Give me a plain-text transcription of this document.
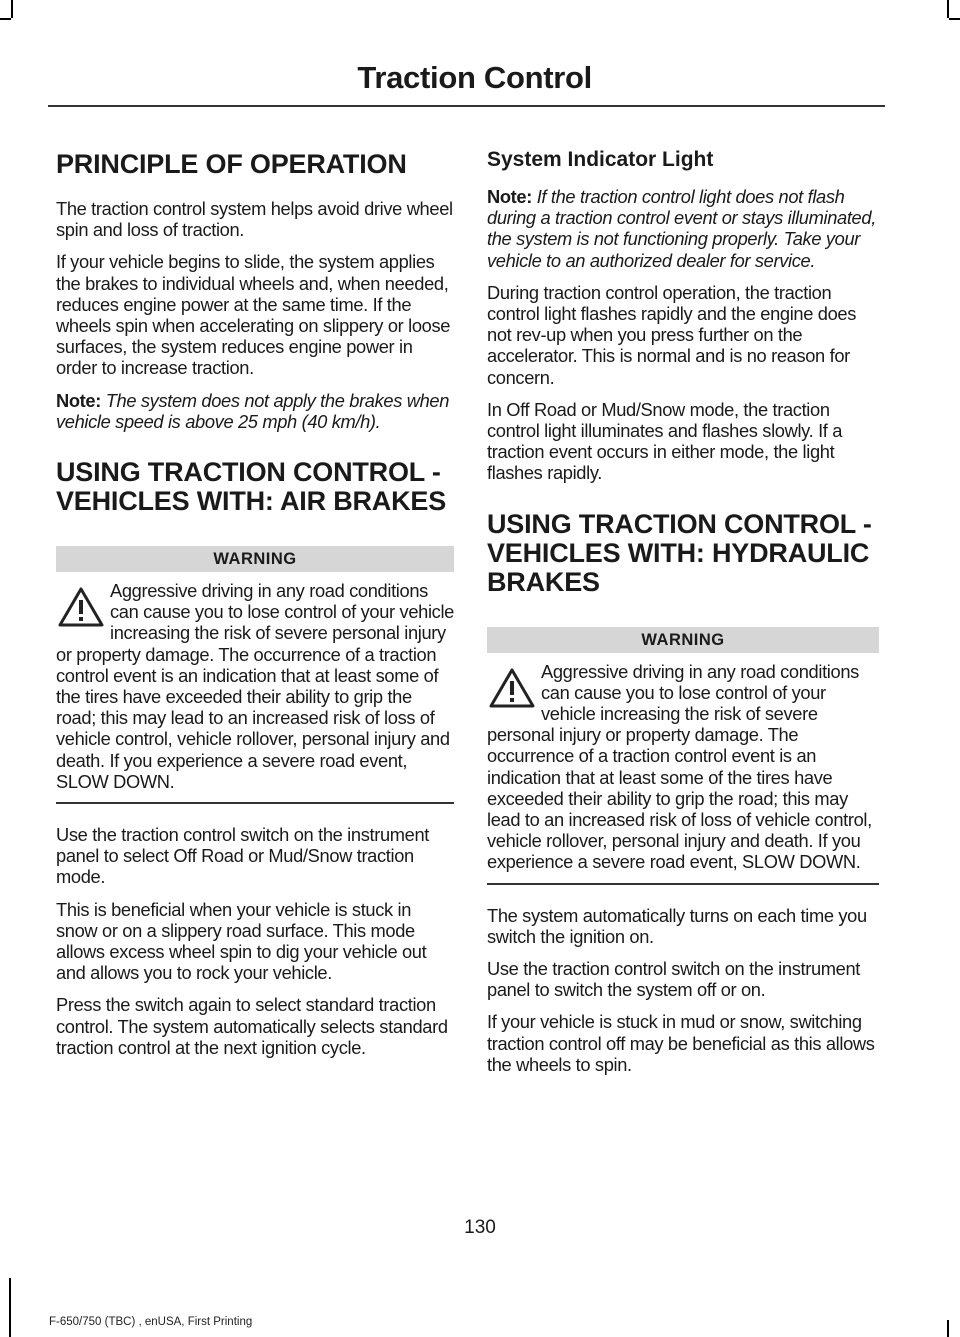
Traction Control
PRINCIPLE OF OPERATION

The traction control system helps avoid drive wheel spin and loss of traction.

If your vehicle begins to slide, the system applies the brakes to individual wheels and, when needed, reduces engine power at the same time. If the wheels spin when accelerating on slippery or loose surfaces, the system reduces engine power in order to increase traction.

Note: The system does not apply the brakes when vehicle speed is above 25 mph (40 km/h).

USING TRACTION CONTROL -
VEHICLES WITH: AIR BRAKES
WARNING
Aggressive driving in any road conditions can cause you to lose control of your vehicle increasing the risk of severe personal injury or property damage. The occurrence of a traction control event is an indication that at least some of the tires have exceeded their ability to grip the road; this may lead to an increased risk of loss of vehicle control, vehicle rollover, personal injury and death. If you experience a severe road event, SLOW DOWN.

Use the traction control switch on the instrument panel to select Off Road or Mud/Snow traction mode.

This is beneficial when your vehicle is stuck in snow or on a slippery road surface. This mode allows excess wheel spin to dig your vehicle out and allows you to rock your vehicle.

Press the switch again to select standard traction control. The system automatically selects standard traction control at the next ignition cycle.

System Indicator Light

Note: If the traction control light does not flash during a traction control event or stays illuminated, the system is not functioning properly. Take your vehicle to an authorized dealer for service.

During traction control operation, the traction control light flashes rapidly and the engine does not rev-up when you press further on the accelerator. This is normal and is no reason for concern.

In Off Road or Mud/Snow mode, the traction control light illuminates and flashes slowly. If a traction event occurs in either mode, the light flashes rapidly.

USING TRACTION CONTROL -
VEHICLES WITH: HYDRAULIC
BRAKES
WARNING
Aggressive driving in any road conditions can cause you to lose control of your vehicle increasing the risk of severe personal injury or property damage. The occurrence of a traction control event is an indication that at least some of the tires have exceeded their ability to grip the road; this may lead to an increased risk of loss of vehicle control, vehicle rollover, personal injury and death. If you experience a severe road event, SLOW DOWN.

The system automatically turns on each time you switch the ignition on.

Use the traction control switch on the instrument panel to switch the system off or on.

If your vehicle is stuck in mud or snow, switching traction control off may be beneficial as this allows the wheels to spin.

130
F-650/750 (TBC) , enUSA, First Printing
